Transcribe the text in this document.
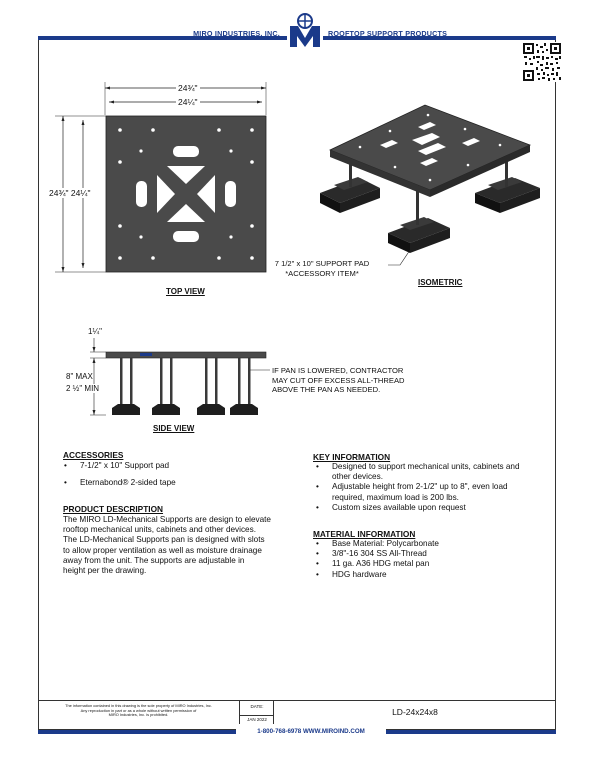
MIRO INDUSTRIES, INC.	ROOFTOP SUPPORT PRODUCTS
24¾"
24¼"
24¾" 24¼"
TOP VIEW
7 1/2" x 10" SUPPORT PAD
*ACCESSORY ITEM*
ISOMETRIC
1¼"
8" MAX
2 ½" MIN
IF PAN IS LOWERED, CONTRACTOR
MAY CUT OFF EXCESS ALL-THREAD
ABOVE THE PAN AS NEEDED.
SIDE VIEW
ACCESSORIES
• 7-1/2" x 10" Support pad
• Eternabond® 2-sided tape
PRODUCT DESCRIPTION
The MIRO LD-Mechanical Supports are design to elevate
rooftop mechanical units, cabinets and other devices.
The LD-Mechanical Supports pan is designed with slots
to allow proper ventilation as well as moisture drainage
away from the unit. The supports are adjustable in
height per the drawing.
KEY INFORMATION
• Designed to support mechanical units, cabinets and
other devices.
• Adjustable height from 2-1/2" up to 8", even load
required, maximum load is 200 lbs.
• Custom sizes available upon request
MATERIAL INFORMATION
• Base Material: Polycarbonate
• 3/8"-16 304 SS All-Thread
• 11 ga. A36 HDG metal pan
• HDG hardware
The information contained in this drawing is the sole property of MIRO Industries, Inc.
Any reproduction in part or as a whole without written permission of
MIRO Industries, Inc. is prohibited.
DATE:
JAN 2022
LD-24x24x8
1-800-768-6978 WWW.MIROIND.COM
